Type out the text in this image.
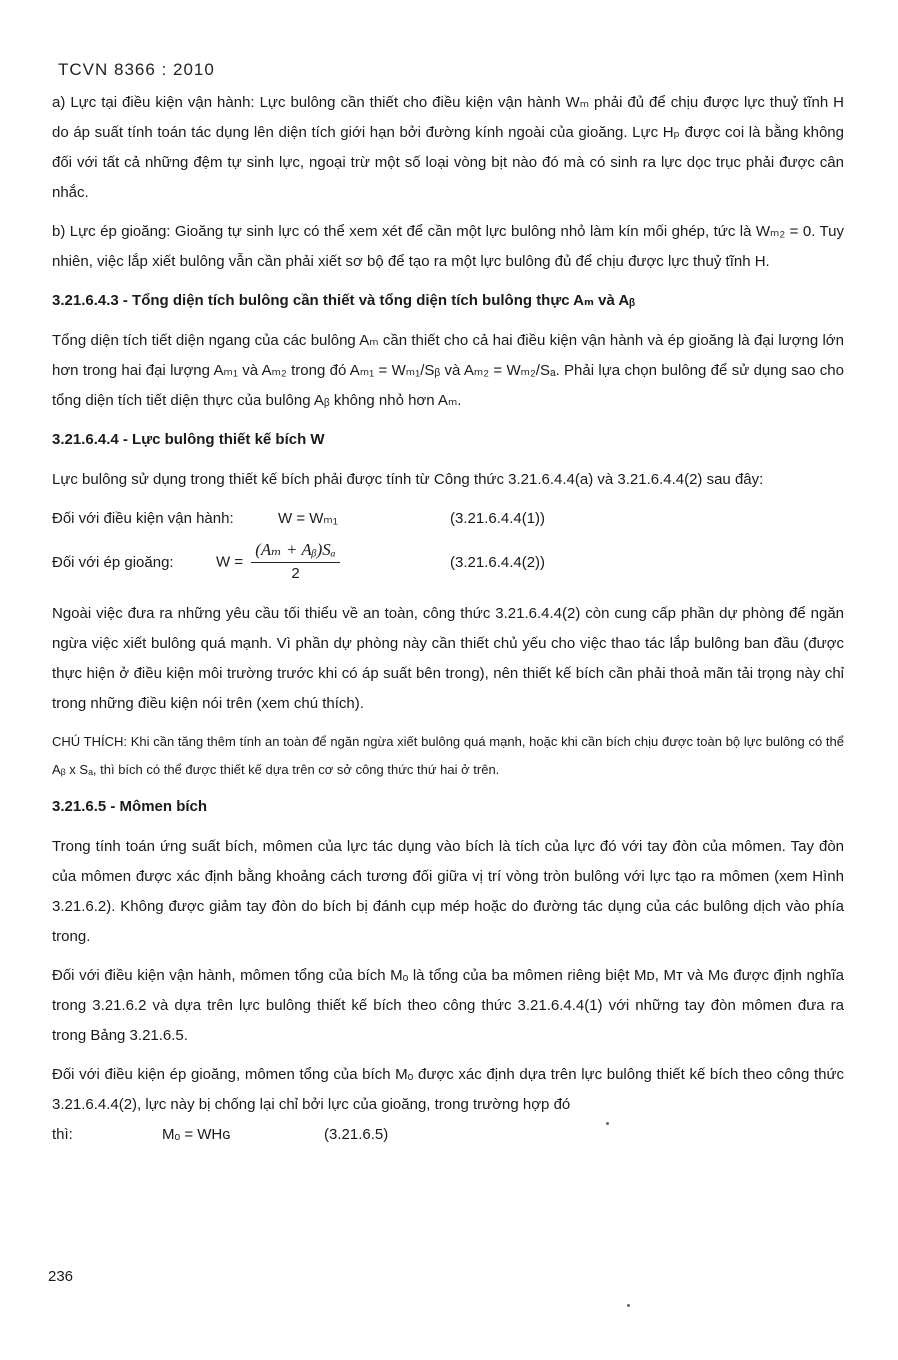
TCVN 8366 : 2010

a) Lực tại điều kiện vận hành: Lực bulông cần thiết cho điều kiện vận hành Wₘ phải đủ để chịu được lực thuỷ tĩnh H do áp suất tính toán tác dụng lên diện tích giới hạn bởi đường kính ngoài của gioăng. Lực Hₚ được coi là bằng không đối với tất cả những đệm tự sinh lực, ngoại trừ một số loại vòng bịt nào đó mà có sinh ra lực dọc trục phải được cân nhắc.

b) Lực ép gioăng: Gioăng tự sinh lực có thể xem xét để cần một lực bulông nhỏ làm kín mối ghép, tức là Wₘ₂ = 0. Tuy nhiên, việc lắp xiết bulông vẫn cần phải xiết sơ bộ để tạo ra một lực bulông đủ để chịu được lực thuỷ tĩnh H.

3.21.6.4.3 - Tổng diện tích bulông cần thiết và tổng diện tích bulông thực Aₘ và Aᵦ

Tổng diện tích tiết diện ngang của các bulông Aₘ cần thiết cho cả hai điều kiện vận hành và ép gioăng là đại lượng lớn hơn trong hai đại lượng Aₘ₁ và Aₘ₂ trong đó Aₘ₁ = Wₘ₁/Sᵦ và Aₘ₂ = Wₘ₂/Sₐ. Phải lựa chọn bulông để sử dụng sao cho tổng diện tích tiết diện thực của bulông Aᵦ không nhỏ hơn Aₘ.

3.21.6.4.4 - Lực bulông thiết kế bích W

Lực bulông sử dụng trong thiết kế bích phải được tính từ Công thức 3.21.6.4.4(a) và 3.21.6.4.4(2) sau đây:

Đối với điều kiện vận hành:	W = Wₘ₁	(3.21.6.4.4(1))
Đối với ép gioăng:	$W = \frac{\text{(Aₘ + Aᵦ)Sₐ}}{2}$	(3.21.6.4.4(2))

Ngoài việc đưa ra những yêu cầu tối thiểu về an toàn, công thức 3.21.6.4.4(2) còn cung cấp phần dự phòng để ngăn ngừa việc xiết bulông quá mạnh. Vì phần dự phòng này cần thiết chủ yếu cho việc thao tác lắp bulông ban đầu (được thực hiện ở điều kiện môi trường trước khi có áp suất bên trong), nên thiết kế bích cần phải thoả mãn tải trọng này chỉ trong những điều kiện nói trên (xem chú thích).

CHÚ THÍCH: Khi cần tăng thêm tính an toàn để ngăn ngừa xiết bulông quá mạnh, hoặc khi cần bích chịu được toàn bộ lực bulông có thể Aᵦ x Sₐ, thì bích có thể được thiết kế dựa trên cơ sở công thức thứ hai ở trên.

3.21.6.5 - Mômen bích

Trong tính toán ứng suất bích, mômen của lực tác dụng vào bích là tích của lực đó với tay đòn của mômen. Tay đòn của mômen được xác định bằng khoảng cách tương đối giữa vị trí vòng tròn bulông với lực tạo ra mômen (xem Hình 3.21.6.2). Không được giảm tay đòn do bích bị đánh cụp mép hoặc do đường tác dụng của các bulông dịch vào phía trong.

Đối với điều kiện vận hành, mômen tổng của bích Mₒ là tổng của ba mômen riêng biệt Mᴅ, Mᴛ và Mɢ được định nghĩa trong 3.21.6.2 và dựa trên lực bulông thiết kế bích theo công thức 3.21.6.4.4(1) với những tay đòn mômen đưa ra trong Bảng 3.21.6.5.

Đối với điều kiện ép gioăng, mômen tổng của bích Mₒ được xác định dựa trên lực bulông thiết kế bích theo công thức 3.21.6.4.4(2), lực này bị chống lại chỉ bởi lực của gioăng, trong trường hợp đó

thì:	Mₒ = WHɢ	(3.21.6.5)
236
